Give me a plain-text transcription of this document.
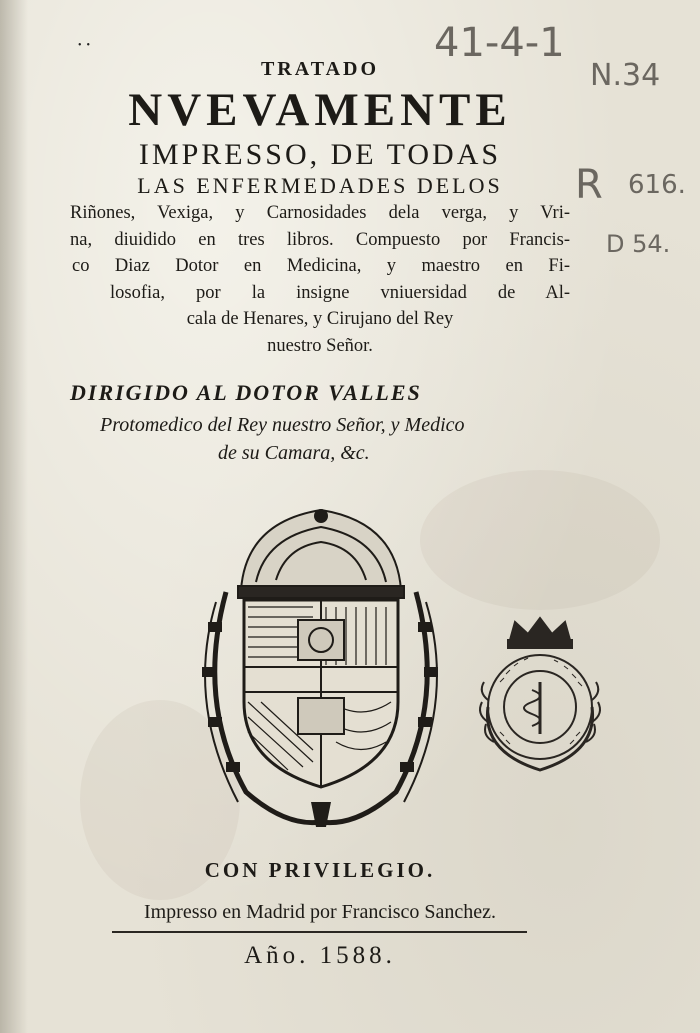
•  •	41-4-1
N.34
R 616.
D 54.
TRATADO
NVEVAMENTE
IMPRESSO, DE TODAS
LAS ENFERMEDADES DELOS
Riñones, Vexiga, y Carnosidades dela verga, y Vri-
na, diuidido en tres libros. Compuesto por Francis-
co Diaz Dotor en Medicina, y maestro en Fi-
losofia, por la insigne vniuersidad de Al-
cala de Henares, y Cirujano del Rey
nuestro Señor.
DIRIGIDO AL DOTOR VALLES
Protomedico del Rey nuestro Señor, y Medico
de su Camara, &c.
CON PRIVILEGIO.
Impresso en Madrid por Francisco Sanchez.
Año. 1588.
